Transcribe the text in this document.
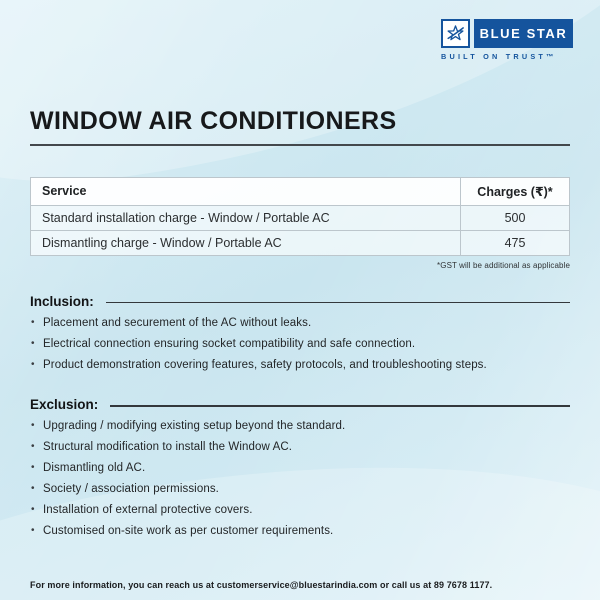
BLUE STAR
BUILT ON TRUST™
WINDOW AIR CONDITIONERS
Service	Charges (₹)*
Standard installation charge - Window / Portable AC	500
Dismantling charge - Window / Portable AC	475
*GST will be additional as applicable
Inclusion:
• Placement and securement of the AC without leaks.
• Electrical connection ensuring socket compatibility and safe connection.
• Product demonstration covering features, safety protocols, and troubleshooting steps.
Exclusion:
• Upgrading / modifying existing setup beyond the standard.
• Structural modification to install the Window AC.
• Dismantling old AC.
• Society / association permissions.
• Installation of external protective covers.
• Customised on-site work as per customer requirements.
For more information, you can reach us at customerservice@bluestarindia.com or call us at 89 7678 1177.
